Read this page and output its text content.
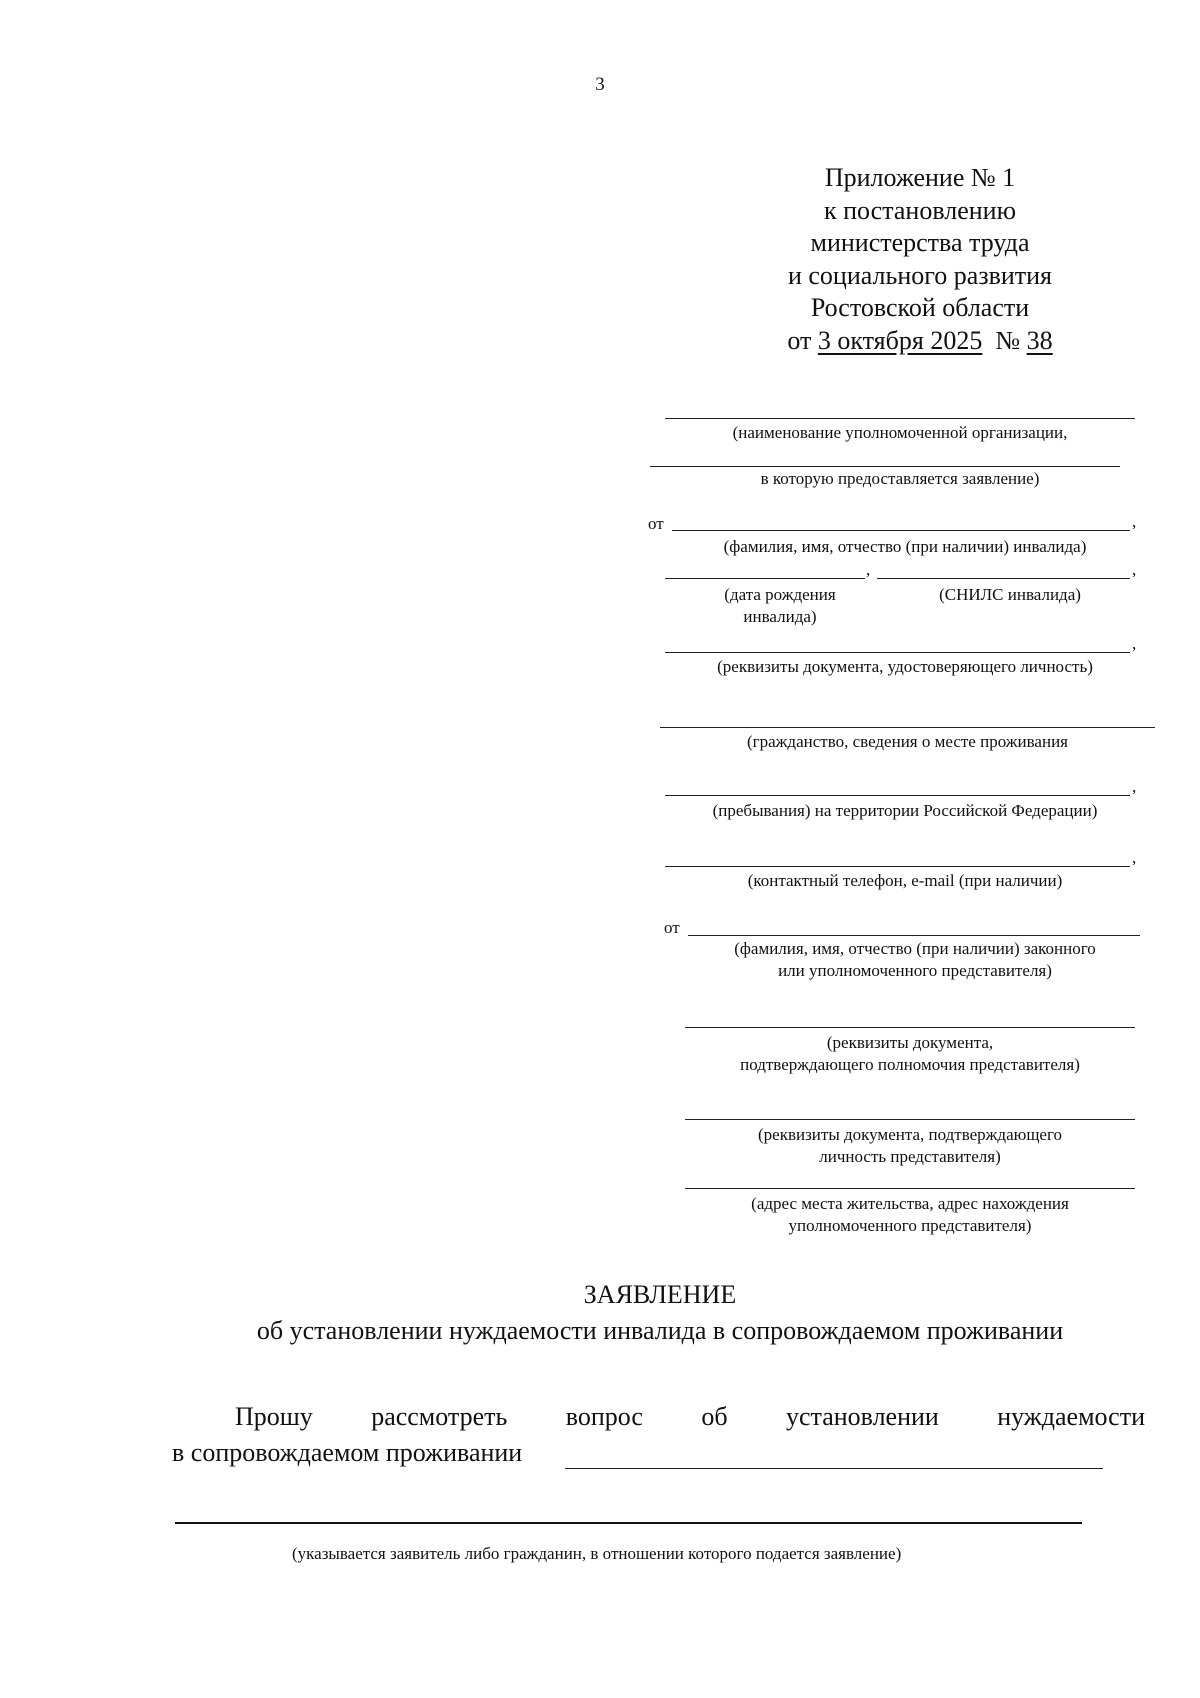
3
Приложение № 1
к постановлению
министерства труда
и социального развития
Ростовской области
от 3 октября 2025 № 38
(наименование уполномоченной организации,
в которую предоставляется заявление)
от	,
(фамилия, имя, отчество (при наличии) инвалида)
,	,
(дата рождения
инвалида)
(СНИЛС инвалида)
,
(реквизиты документа, удостоверяющего личность)
(гражданство, сведения о месте проживания
,
(пребывания) на территории Российской Федерации)
,
(контактный телефон, e-mail (при наличии)
от
(фамилия, имя, отчество (при наличии) законного
или уполномоченного представителя)
(реквизиты документа,
подтверждающего полномочия представителя)
(реквизиты документа, подтверждающего
личность представителя)
(адрес места жительства, адрес нахождения
уполномоченного представителя)
ЗАЯВЛЕНИЕ
об установлении нуждаемости инвалида в сопровождаемом проживании
Прошу рассмотреть вопрос об установлении нуждаемости
в сопровождаемом проживании
(указывается заявитель либо гражданин, в отношении которого подается заявление)
